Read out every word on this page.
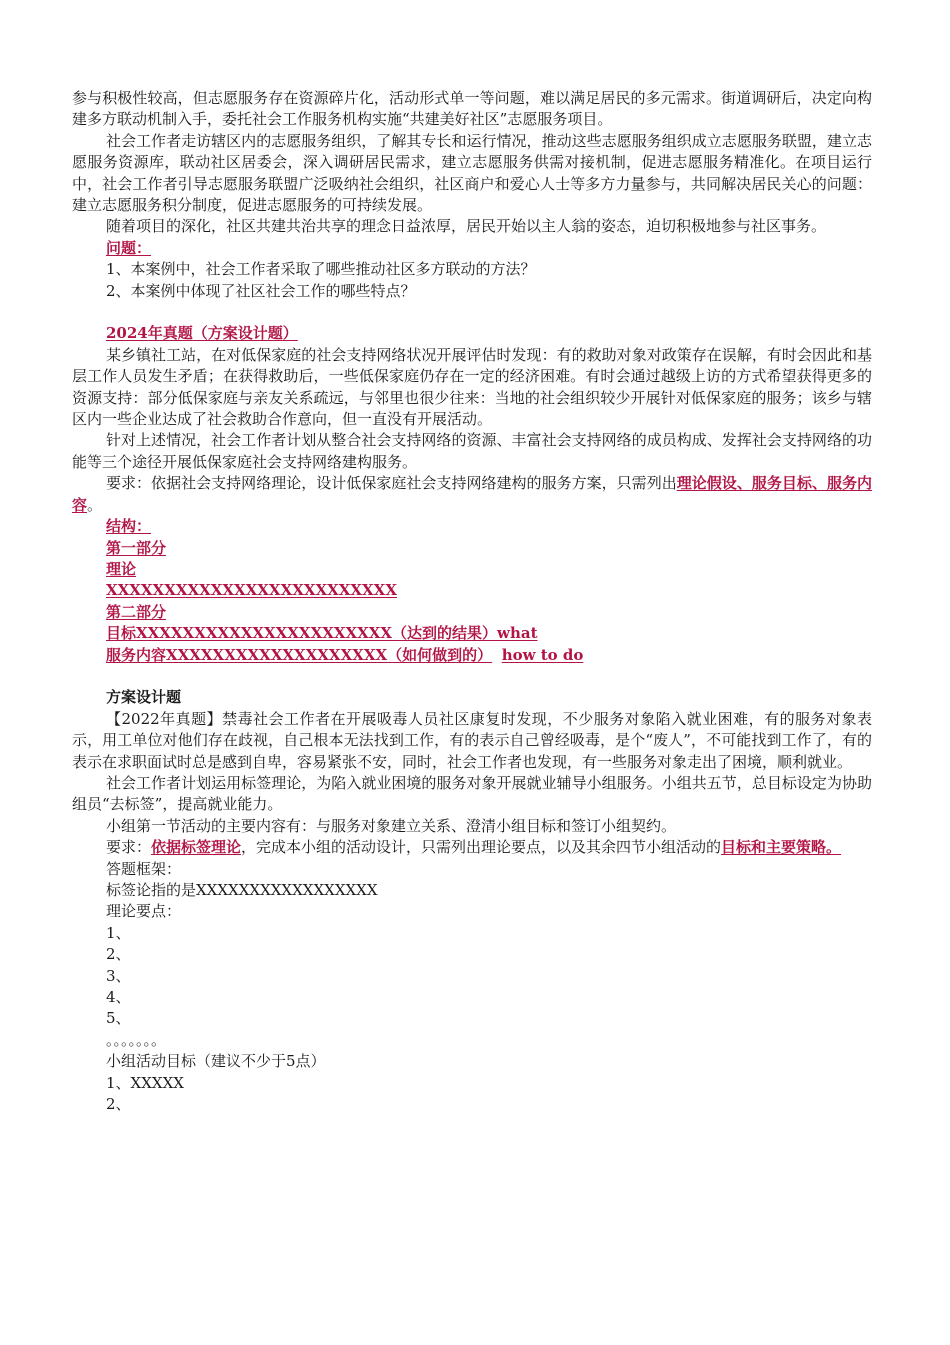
参与积极性较高，但志愿服务存在资源碎片化，活动形式单一等问题，难以满足居民的多元需求。街道调研后，决定向构建多方联动机制入手，委托社会工作服务机构实施“共建美好社区”志愿服务项目。

社会工作者走访辖区内的志愿服务组织，了解其专长和运行情况，推动这些志愿服务组织成立志愿服务联盟，建立志愿服务资源库，联动社区居委会，深入调研居民需求，建立志愿服务供需对接机制，促进志愿服务精准化。在项目运行中，社会工作者引导志愿服务联盟广泛吸纳社会组织，社区商户和爱心人士等多方力量参与，共同解决居民关心的问题：建立志愿服务积分制度，促进志愿服务的可持续发展。

随着项目的深化，社区共建共治共享的理念日益浓厚，居民开始以主人翁的姿态，迫切积极地参与社区事务。

问题：

1、本案例中，社会工作者采取了哪些推动社区多方联动的方法？

2、本案例中体现了社区社会工作的哪些特点？

2024年真题（方案设计题）

某乡镇社工站，在对低保家庭的社会支持网络状况开展评估时发现：有的救助对象对政策存在误解，有时会因此和基层工作人员发生矛盾；在获得救助后，一些低保家庭仍存在一定的经济困难。有时会通过越级上访的方式希望获得更多的资源支持：部分低保家庭与亲友关系疏远，与邻里也很少往来：当地的社会组织较少开展针对低保家庭的服务；该乡与辖区内一些企业达成了社会救助合作意向，但一直没有开展活动。

针对上述情况，社会工作者计划从整合社会支持网络的资源、丰富社会支持网络的成员构成、发挥社会支持网络的功能等三个途径开展低保家庭社会支持网络建构服务。

要求：依据社会支持网络理论，设计低保家庭社会支持网络建构的服务方案，只需列出理论假设、服务目标、服务内容。

结构：

第一部分

理论

XXXXXXXXXXXXXXXXXXXXXXXXX

第二部分

目标XXXXXXXXXXXXXXXXXXXXXX（达到的结果）what

服务内容XXXXXXXXXXXXXXXXXXX（如何做到的） how to do

方案设计题

【2022年真题】禁毒社会工作者在开展吸毒人员社区康复时发现，不少服务对象陷入就业困难，有的服务对象表示，用工单位对他们存在歧视，自己根本无法找到工作，有的表示自己曾经吸毒，是个“废人”，不可能找到工作了，有的表示在求职面试时总是感到自卑，容易紧张不安，同时，社会工作者也发现，有一些服务对象走出了困境，顺利就业。

社会工作者计划运用标签理论，为陷入就业困境的服务对象开展就业辅导小组服务。小组共五节，总目标设定为协助组员“去标签”，提高就业能力。

小组第一节活动的主要内容有：与服务对象建立关系、澄清小组目标和签订小组契约。

要求：依据标签理论，完成本小组的活动设计，只需列出理论要点，以及其余四节小组活动的目标和主要策略。

答题框架：

标签论指的是XXXXXXXXXXXXXXXXX

理论要点：

1、

2、

3、

4、

5、

。。。。。。。

小组活动目标（建议不少于5点）

1、XXXXX

2、
